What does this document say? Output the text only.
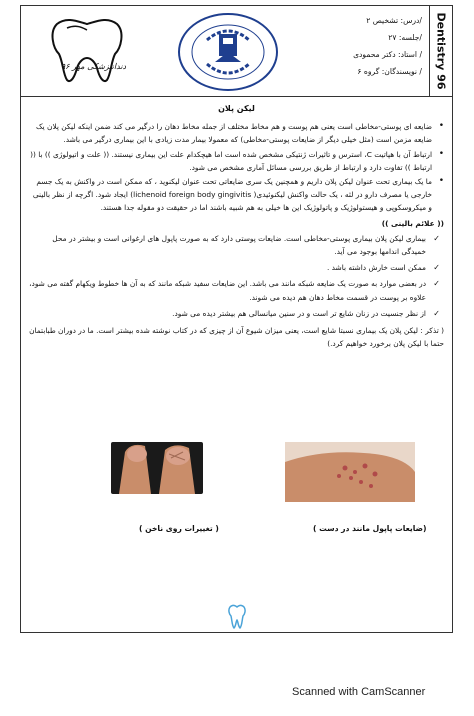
Dentistry 96
/درس: تشخیص ۲
/جلسه: ۲۷
/ استاد: دکتر محمودی
/ نویسندگان: گروه ۶
دندانپزشکی مهر ۹۶
لیکن پلان
•
ضایعه ای پوستی-مخاطی است یعنی هم پوست و هم مخاط مختلف از جمله مخاط دهان را درگیر می کند ضمن اینکه لیکن پلان یک ضایعه مزمن است (مثل خیلی دیگر از ضایعات پوستی-مخاطی) که معمولا بیمار مدت زیادی با این بیماری درگیر می باشد.
•
ارتباط آن با هپاتیت C، استرس و تاثیرات ژنتیکی مشخص شده است اما هیچکدام علت این بیماری نیستند. (( علت و اتیولوژی )) با (( ارتباط )) تفاوت دارد و ارتباط از طریق بررسی مسائل آماری مشخص می شود.
•
ما یک بیماری تحت عنوان لیکن پلان داریم و همچنین یک سری ضایعاتی تحت عنوان لیکنوید ، که ممکن است در واکنش به یک جسم خارجی یا مصرف دارو در لثه ، یک حالت واکنش لیکنوئیدی( lichenoid foreign body gingivitis) ایجاد شود. اگرچه از نظر بالینی و میکروسکوپی و هیستولوژیک و پاتولوژیک این ها خیلی به هم شبیه باشند اما در حقیقت دو مقوله جدا هستند.
(( علائم بالینی ))
✓
بیماری لیکن پلان بیماری پوستی-مخاطی است. ضایعات پوستی دارد که به صورت پاپول های ارغوانی است و بیشتر در محل خمیدگی اندامها بوجود می آید.
✓
ممکن است خارش داشته باشد .
✓
در بعضی موارد به صورت یک ضایعه شبکه مانند می باشد. این ضایعات سفید شبکه مانند که به آن ها خطوط ویکهام گفته می شود، علاوه بر پوست در قسمت مخاط دهان هم دیده می شوند.
✓
از نظر جنسیت در زنان شایع تر است و در سنین میانسالی هم بیشتر دیده می شود.
( تذکر : لیکن پلان یک بیماری نسبتا شایع است، یعنی میزان شیوع آن از چیزی که در کتاب نوشته شده بیشتر است. ما در دوران طبابتمان حتما با لیکن پلان برخورد خواهیم کرد.)
(ضایعات پاپول مانند در دست )
( تغییرات روی ناخن )
Scanned with CamScanner
